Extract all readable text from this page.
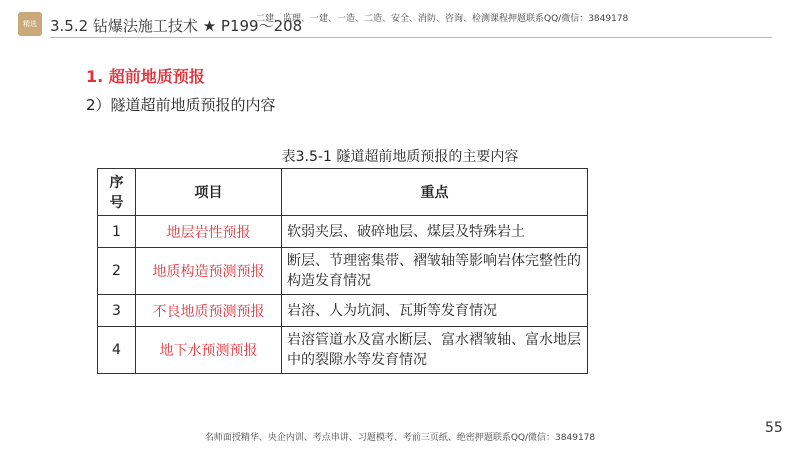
精选	二建、监理、一建、一造、二造、安全、消防、咨询、检测课程押题联系QQ/微信：3849178
3.5.2 钻爆法施工技术 ★ P199～208
1. 超前地质预报
2）隧道超前地质预报的内容
表3.5-1 隧道超前地质预报的主要内容
序号	项目	重点
1	地层岩性预报	软弱夹层、破碎地层、煤层及特殊岩土
2	地质构造预测预报	断层、节理密集带、褶皱轴等影响岩体完整性的构造发育情况
3	不良地质预测预报	岩溶、人为坑洞、瓦斯等发育情况
4	地下水预测预报	岩溶管道水及富水断层、富水褶皱轴、富水地层中的裂隙水等发育情况
55
名师面授精华、央企内训、考点串讲、习题模考、考前三页纸、绝密押题联系QQ/微信：3849178
